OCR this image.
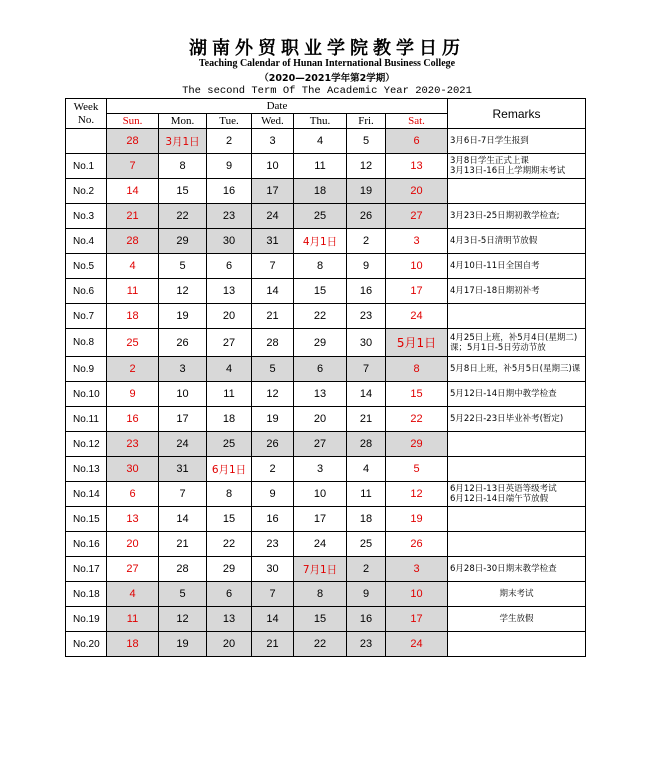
湖南外贸职业学院教学日历
Teaching Calendar of Hunan International Business College
（2020—2021学年第2学期）
The second Term Of The Academic Year 2020-2021
Week
No.	Date							Remarks
	Sun.	Mon.	Tue.	Wed.	Thu.	Fri.	Sat.	
	28	3月1日	2	3	4	5	6	3月6日-7日学生报到
No.1	7	8	9	10	11	12	13	3月8日学生正式上课
3月13日-16日上学期期末考试
No.2	14	15	16	17	18	19	20	
No.3	21	22	23	24	25	26	27	3月23日-25日期初教学检查;
No.4	28	29	30	31	4月1日	2	3	4月3日-5日清明节放假
No.5	4	5	6	7	8	9	10	4月10日-11日全国自考
No.6	11	12	13	14	15	16	17	4月17日-18日期初补考
No.7	18	19	20	21	22	23	24	
No.8	25	26	27	28	29	30	5月1日	4月25日上班，补5月4日(星期二)课；5月1日-5日劳动节放
No.9	2	3	4	5	6	7	8	5月8日上班，补5月5日(星期三)课
No.10	9	10	11	12	13	14	15	5月12日-14日期中教学检查
No.11	16	17	18	19	20	21	22	5月22日-23日毕业补考(暂定)
No.12	23	24	25	26	27	28	29	
No.13	30	31	6月1日	2	3	4	5	
No.14	6	7	8	9	10	11	12	6月12日-13日英语等级考试
6月12日-14日端午节放假
No.15	13	14	15	16	17	18	19	
No.16	20	21	22	23	24	25	26	
No.17	27	28	29	30	7月1日	2	3	6月28日-30日期末教学检查
No.18	4	5	6	7	8	9	10	期末考试
No.19	11	12	13	14	15	16	17	学生放假
No.20	18	19	20	21	22	23	24	
